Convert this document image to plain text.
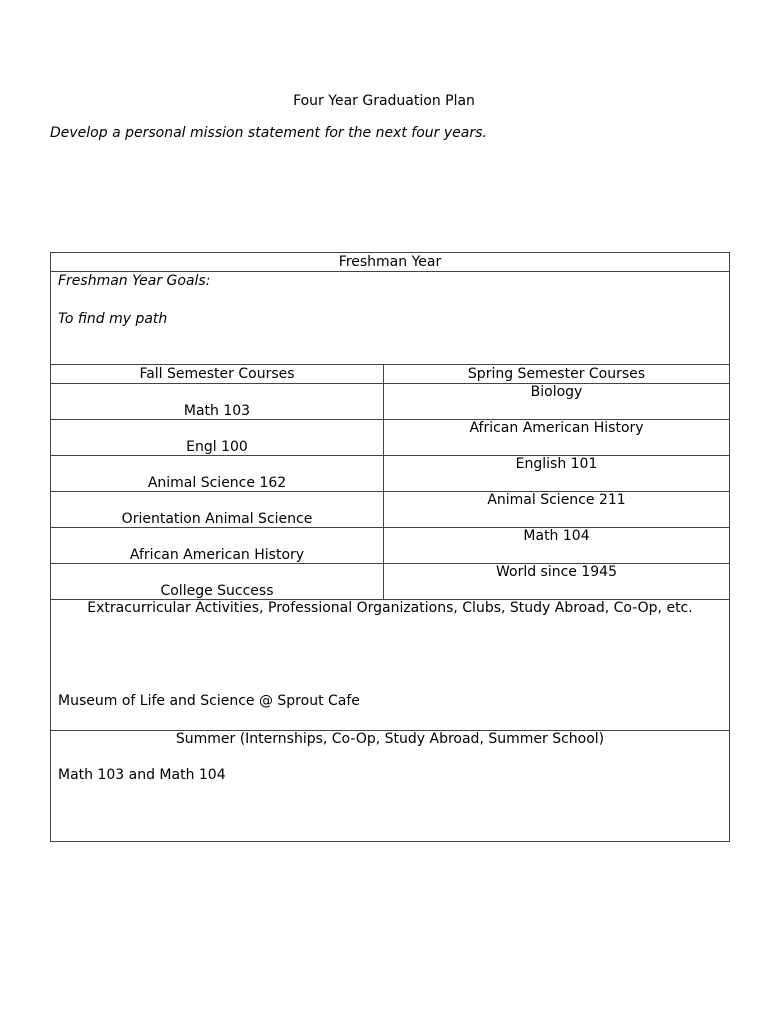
Four Year Graduation Plan
Develop a personal mission statement for the next four years.
Freshman Year	

Freshman Year Goals:
To find my path	

Fall Semester Courses	Spring Semester Courses

Math 103	Biology

Engl 100	African American History

Animal Science 162	English 101

Orientation Animal Science	Animal Science 211

African American History	Math 104

College Success	World since 1945

Extracurricular Activities, Professional Organizations, Clubs, Study Abroad, Co-Op, etc.
Museum of Life and Science @ Sprout Cafe	

Summer (Internships, Co-Op, Study Abroad, Summer School)
Math 103 and Math 104	
